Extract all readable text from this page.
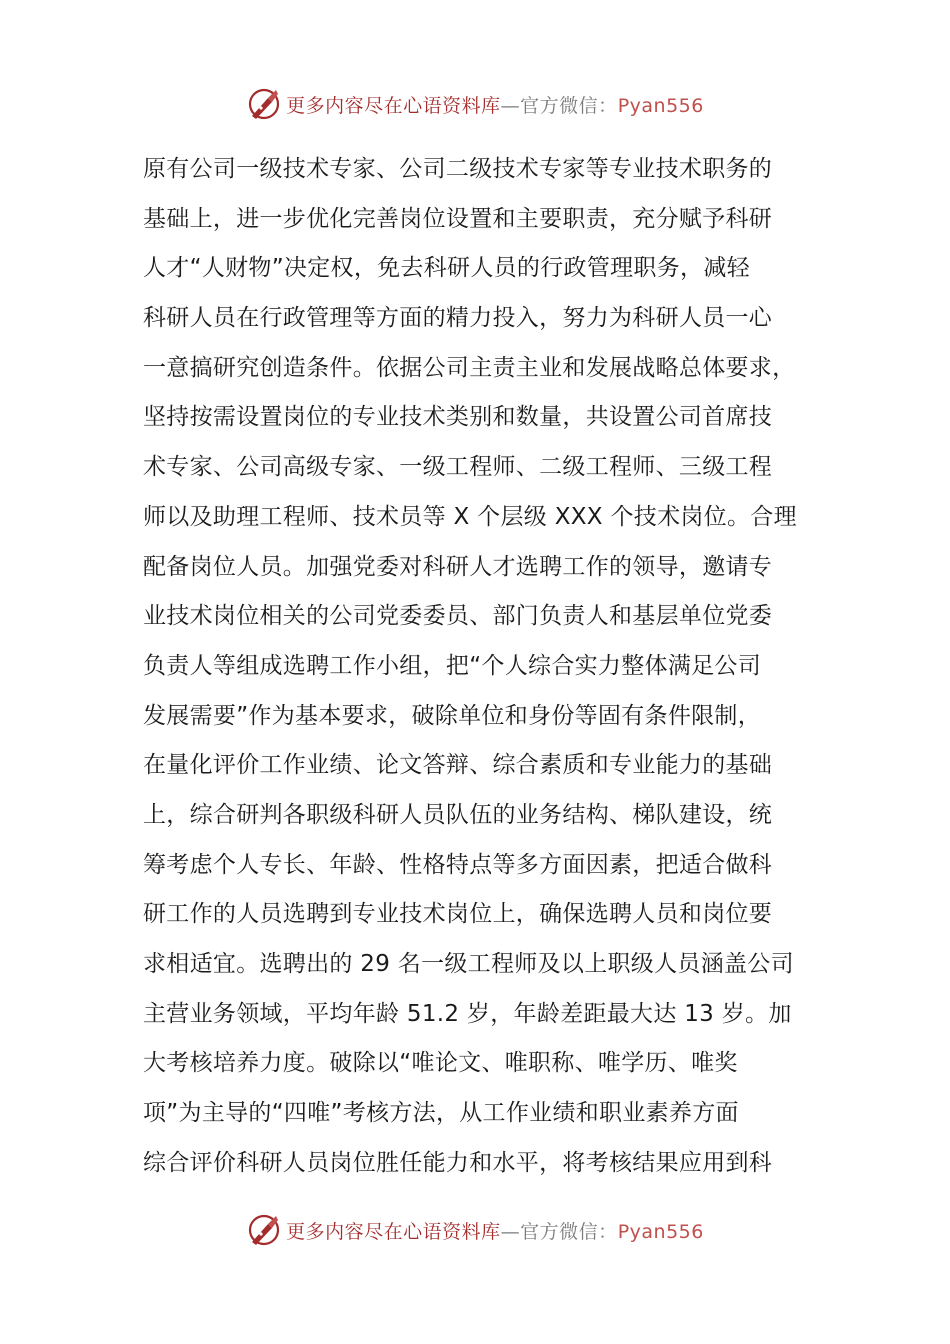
更多内容尽在心语资料库—官方微信：Pyan556
原有公司一级技术专家、公司二级技术专家等专业技术职务的
基础上，进一步优化完善岗位设置和主要职责，充分赋予科研
人才“人财物”决定权，免去科研人员的行政管理职务，减轻
科研人员在行政管理等方面的精力投入，努力为科研人员一心
一意搞研究创造条件。依据公司主责主业和发展战略总体要求，
坚持按需设置岗位的专业技术类别和数量，共设置公司首席技
术专家、公司高级专家、一级工程师、二级工程师、三级工程
师以及助理工程师、技术员等 X 个层级 XXX 个技术岗位。合理
配备岗位人员。加强党委对科研人才选聘工作的领导，邀请专
业技术岗位相关的公司党委委员、部门负责人和基层单位党委
负责人等组成选聘工作小组，把“个人综合实力整体满足公司
发展需要”作为基本要求，破除单位和身份等固有条件限制，
在量化评价工作业绩、论文答辩、综合素质和专业能力的基础
上，综合研判各职级科研人员队伍的业务结构、梯队建设，统
筹考虑个人专长、年龄、性格特点等多方面因素，把适合做科
研工作的人员选聘到专业技术岗位上，确保选聘人员和岗位要
求相适宜。选聘出的 29 名一级工程师及以上职级人员涵盖公司
主营业务领域，平均年龄 51.2 岁，年龄差距最大达 13 岁。加
大考核培养力度。破除以“唯论文、唯职称、唯学历、唯奖
项”为主导的“四唯”考核方法，从工作业绩和职业素养方面
综合评价科研人员岗位胜任能力和水平，将考核结果应用到科
更多内容尽在心语资料库—官方微信：Pyan556
